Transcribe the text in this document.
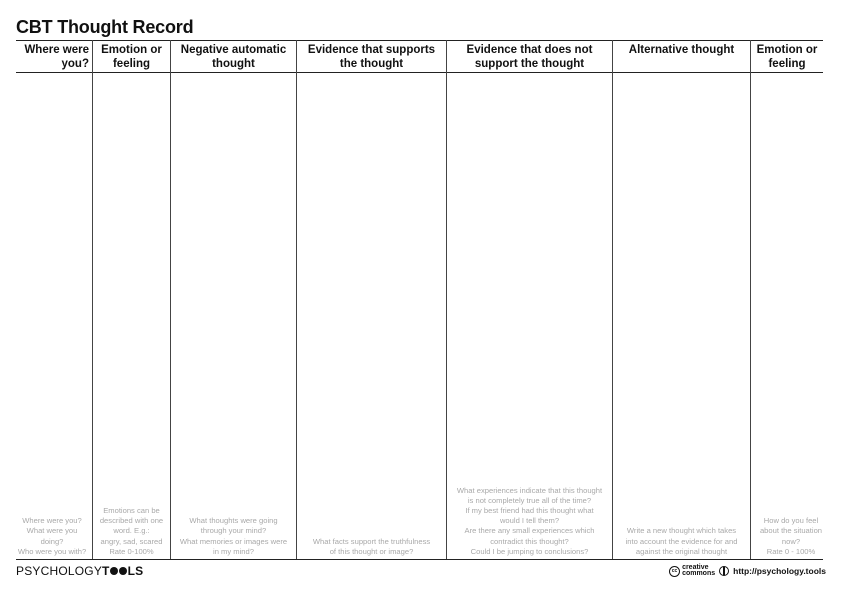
CBT Thought Record
Where were
you?
Emotion or
feeling
Negative automatic
thought
Evidence that supports
the thought
Evidence that does not
support the thought
Alternative thought	Emotion or
feeling
Where were you?
What were you
doing?
Who were you with?
Emotions can be
described with one
word. E.g.:
angry, sad, scared
Rate 0-100%
What thoughts were going
through your mind?
What memories or images were
in my mind?
What facts support the truthfulness
of this thought or image?
What experiences indicate that this thought
is not completely true all of the time?
If my best friend had this thought what
would I tell them?
Are there any small experiences which
contradict this thought?
Could I be jumping to conclusions?
Write a new thought which takes
into account the evidence for and
against the original thought
How do you feel
about the situation
now?
Rate 0 - 100%
PSYCHOLOGYT LS	cc creative
commons http://psychology.tools
